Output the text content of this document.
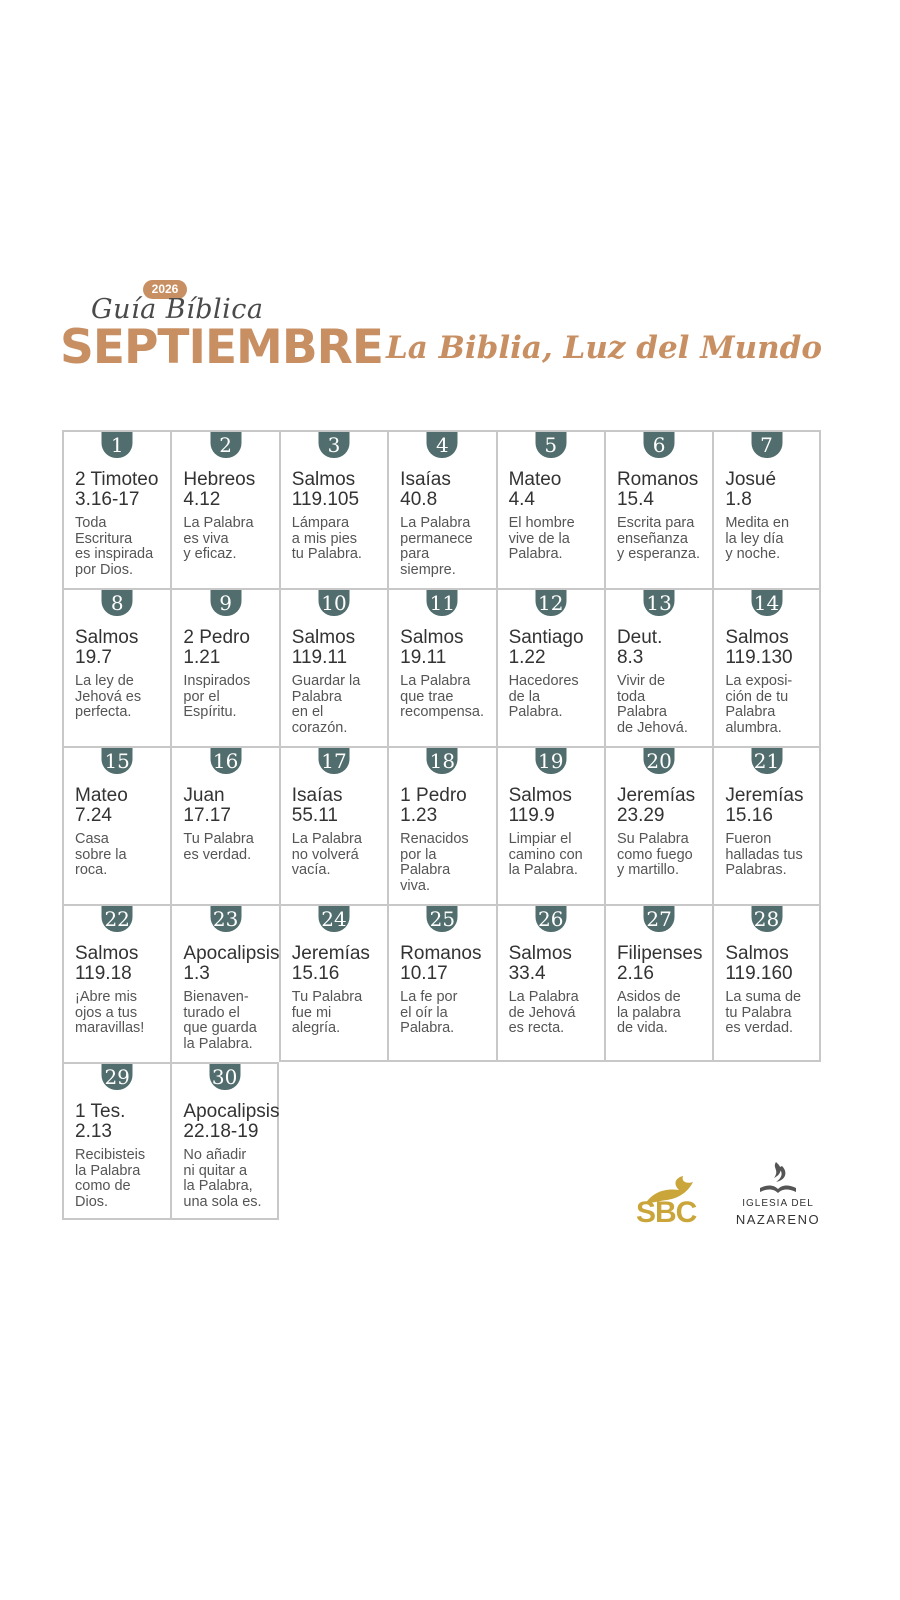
2026
Guía Bíblica
SEPTIEMBRE La Biblia, Luz del Mundo
1
2 Timoteo
3.16-17
Toda
Escritura
es inspirada
por Dios.
2
Hebreos
4.12
La Palabra
es viva
y eficaz.
3
Salmos
119.105
Lámpara
a mis pies
tu Palabra.
4
Isaías
40.8
La Palabra
permanece
para
siempre.
5
Mateo
4.4
El hombre
vive de la
Palabra.
6
Romanos
15.4
Escrita para
enseñanza
y esperanza.
7
Josué
1.8
Medita en
la ley día
y noche.
8
Salmos
19.7
La ley de
Jehová es
perfecta.
9
2 Pedro
1.21
Inspirados
por el
Espíritu.
10
Salmos
119.11
Guardar la
Palabra
en el
corazón.
11
Salmos
19.11
La Palabra
que trae
recompensa.
12
Santiago
1.22
Hacedores
de la
Palabra.
13
Deut.
8.3
Vivir de
toda
Palabra
de Jehová.
14
Salmos
119.130
La exposi-
ción de tu
Palabra
alumbra.
15
Mateo
7.24
Casa
sobre la
roca.
16
Juan
17.17
Tu Palabra
es verdad.
17
Isaías
55.11
La Palabra
no volverá
vacía.
18
1 Pedro
1.23
Renacidos
por la
Palabra
viva.
19
Salmos
119.9
Limpiar el
camino con
la Palabra.
20
Jeremías
23.29
Su Palabra
como fuego
y martillo.
21
Jeremías
15.16
Fueron
halladas tus
Palabras.
22
Salmos
119.18
¡Abre mis
ojos a tus
maravillas!
23
Apocalipsis
1.3
Bienaven-
turado el
que guarda
la Palabra.
24
Jeremías
15.16
Tu Palabra
fue mi
alegría.
25
Romanos
10.17
La fe por
el oír la
Palabra.
26
Salmos
33.4
La Palabra
de Jehová
es recta.
27
Filipenses
2.16
Asidos de
la palabra
de vida.
28
Salmos
119.160
La suma de
tu Palabra
es verdad.
29
1 Tes.
2.13
Recibisteis
la Palabra
como de
Dios.
30
Apocalipsis
22.18-19
No añadir
ni quitar a
la Palabra,
una sola es.	SBC	IGLESIA DEL
NAZARENO
